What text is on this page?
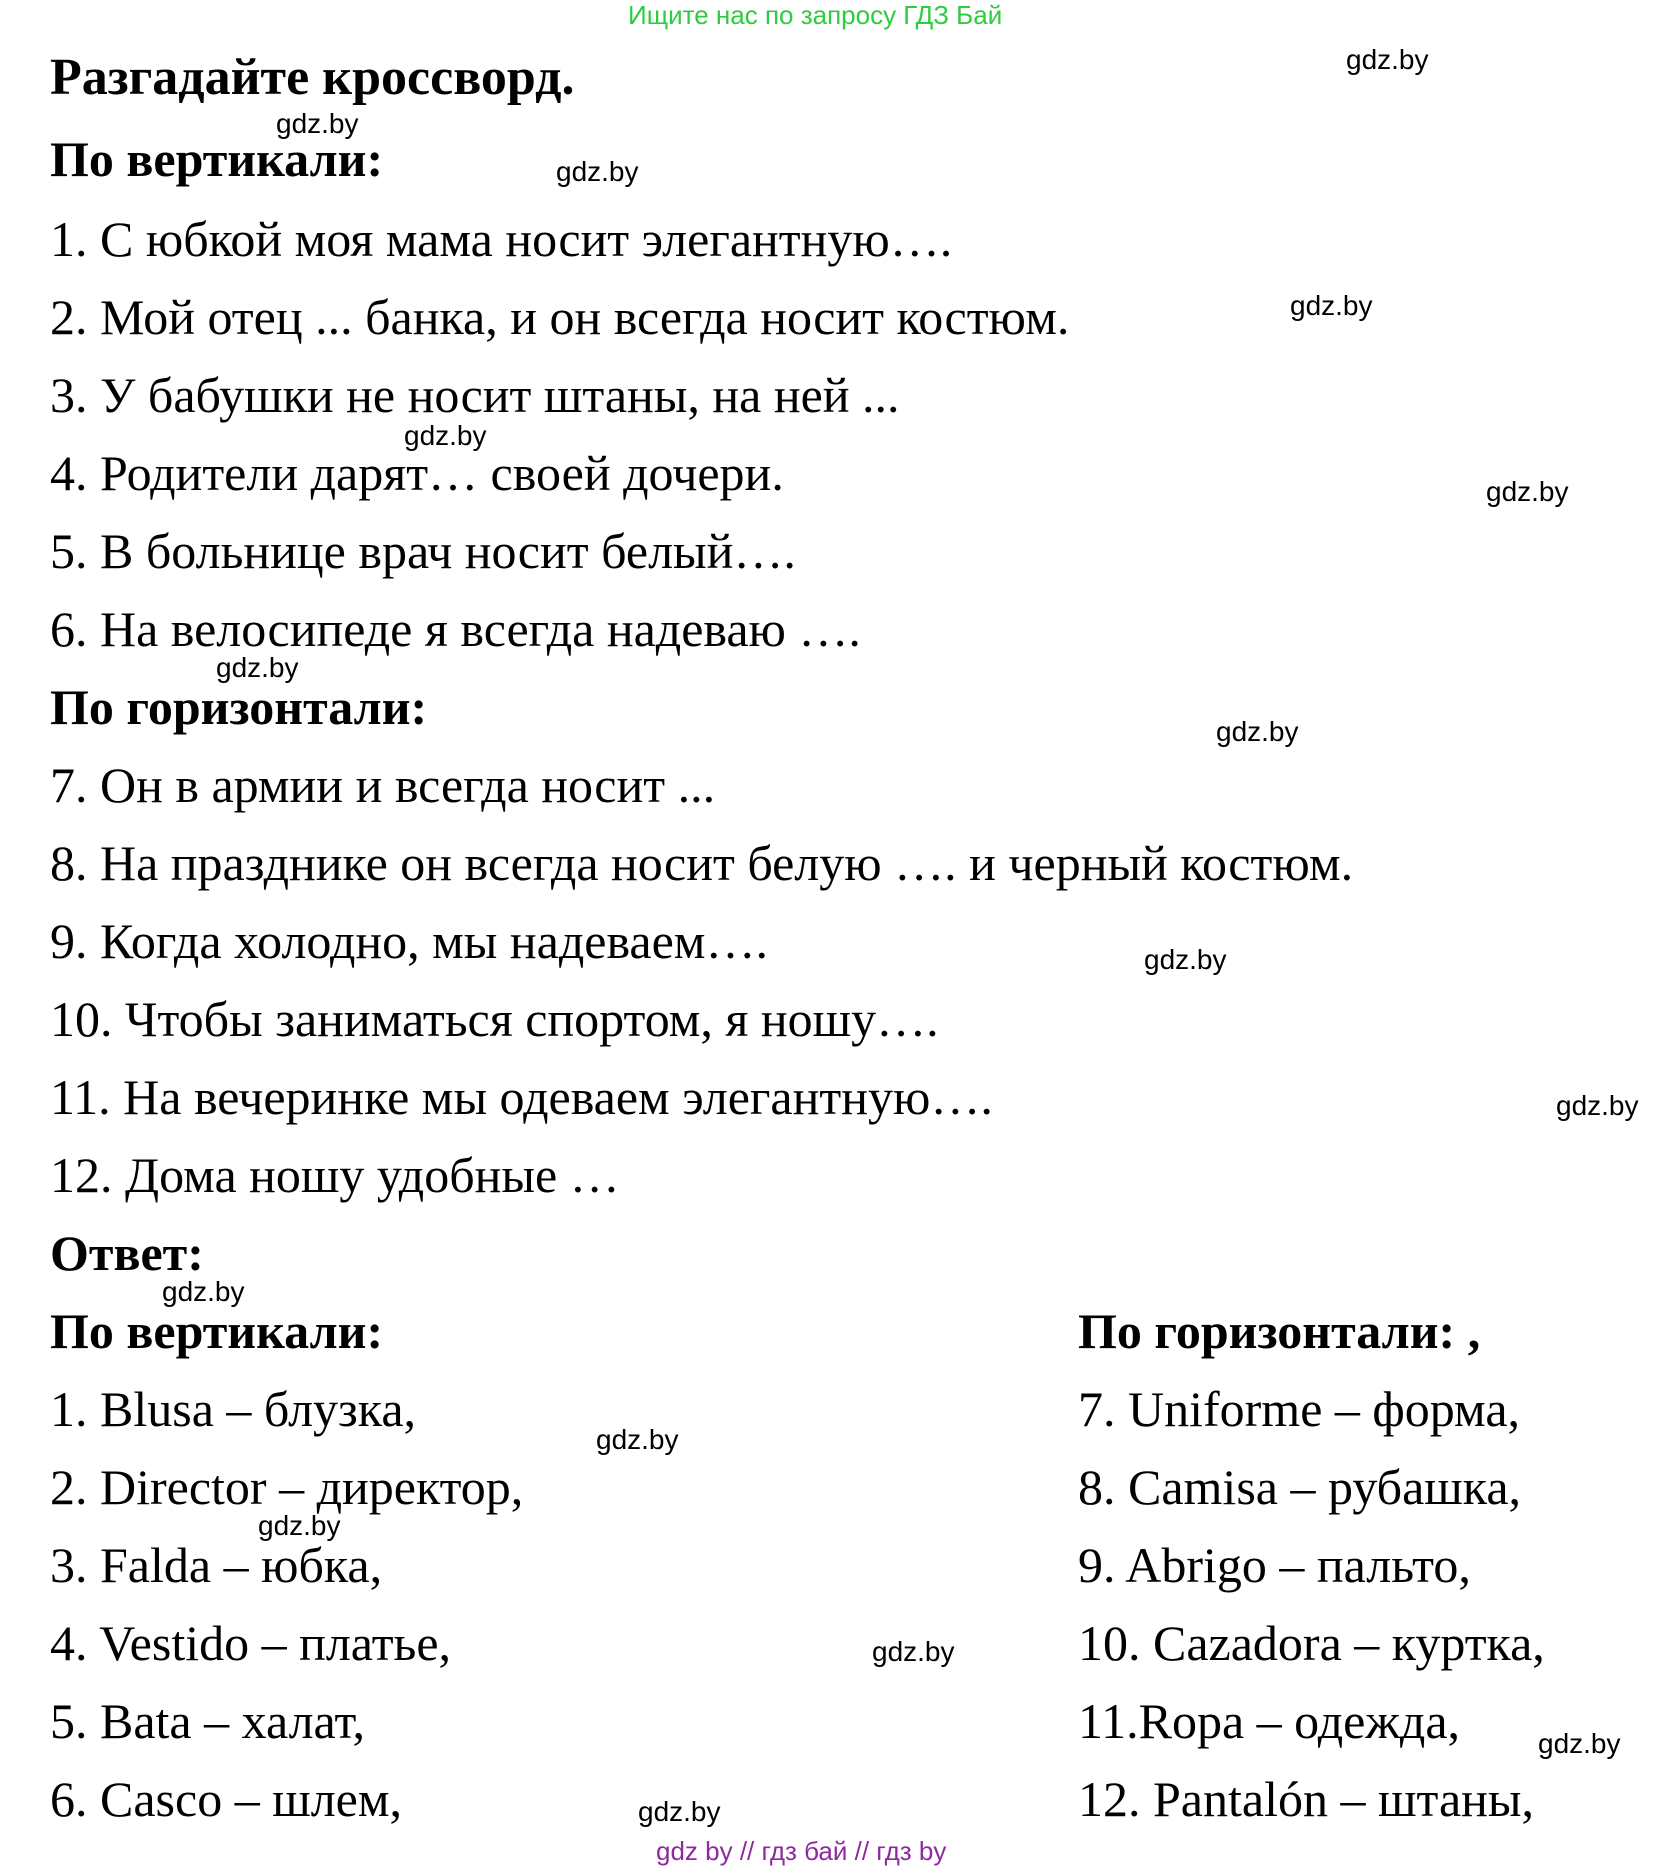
Ищите нас по запросу ГДЗ Бай
Разгадайте кроссворд.
По вертикали:
1. С юбкой моя мама носит элегантную….
2. Мой отец ... банка, и он всегда носит костюм.
3. У бабушки не носит штаны, на ней ...
4. Родители дарят… своей дочери.
5. В больнице врач носит белый….
6. На велосипеде я всегда надеваю ….
По горизонтали:
7. Он в армии и всегда носит ...
8. На празднике он всегда носит белую …. и черный костюм.
9. Когда холодно, мы надеваем….
10. Чтобы заниматься спортом, я ношу….
11. На вечеринке мы одеваем элегантную….
12. Дома ношу удобные …
Ответ:
По вертикали:	По горизонтали: ,
1. Blusa – блузка,
2. Director – директор,
3. Falda – юбка,
4. Vestido – платье,
5. Bata – халат,
6. Casco – шлем,
7. Uniforme – форма,
8. Camisa – рубашка,
9. Abrigo – пальто,
10. Cazadora – куртка,
11.Ropa – одежда,
12. Pantalón – штаны,
gdz.by
gdz.by
gdz.by
gdz.by
gdz.by
gdz.by
gdz.by
gdz.by
gdz.by
gdz.by
gdz.by
gdz.by
gdz.by
gdz.by
gdz.by
gdz.by
gdz by // гдз бай // гдз by
